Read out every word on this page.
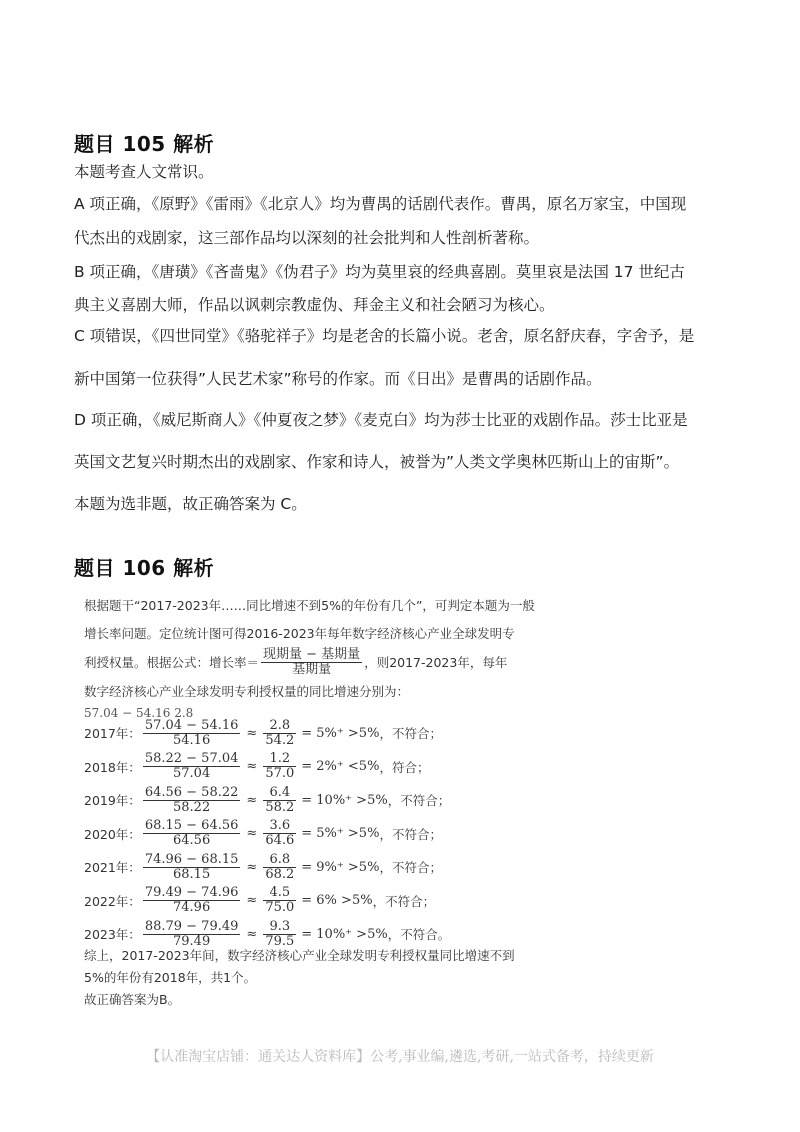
题目 105 解析

本题考查人文常识。

A 项正确，《原野》《雷雨》《北京人》均为曹禺的话剧代表作。曹禺，原名万家宝，中国现

代杰出的戏剧家，这三部作品均以深刻的社会批判和人性剖析著称。

B 项正确，《唐璜》《吝啬鬼》《伪君子》均为莫里哀的经典喜剧。莫里哀是法国 17 世纪古

典主义喜剧大师，作品以讽刺宗教虚伪、拜金主义和社会陋习为核心。

C 项错误，《四世同堂》《骆驼祥子》均是老舍的长篇小说。老舍，原名舒庆春，字舍予，是

新中国第一位获得”人民艺术家”称号的作家。而《日出》是曹禺的话剧作品。

D 项正确，《威尼斯商人》《仲夏夜之梦》《麦克白》均为莎士比亚的戏剧作品。莎士比亚是

英国文艺复兴时期杰出的戏剧家、作家和诗人，被誉为”人类文学奥林匹斯山上的宙斯”。

本题为选非题，故正确答案为 C。

题目 106 解析
根据题干“2017-2023年……同比增速不到5%的年份有几个”，可判定本题为一般
增长率问题。定位统计图可得2016-2023年每年数字经济核心产业全球发明专
利授权量。根据公式：增长率＝ $\frac{\text{现期量 − 基期量}}{\text{基期量}}$ ，则2017-2023年，每年
数字经济核心产业全球发明专利授权量的同比增速分别为：
57.04 − 54.16 2.8
2017年： $\frac{57.04 - 54.16}{54.16} \approx \frac{2.8}{54.2} = 5\%^+ >5\%$ ，不符合；
2018年： $\frac{58.22 - 57.04}{57.04} \approx \frac{1.2}{57.0} = 2\%^+ <5\%$ ，符合；
2019年： $\frac{64.56 - 58.22}{58.22} \approx \frac{6.4}{58.2} = 10\%^+ >5\%$ ，不符合；
2020年： $\frac{68.15 - 64.56}{64.56} \approx \frac{3.6}{64.6} = 5\%^+ >5\%$ ，不符合；
2021年： $\frac{74.96 - 68.15}{68.15} \approx \frac{6.8}{68.2} = 9\%^+ >5\%$ ，不符合；
2022年： $\frac{79.49 - 74.96}{74.96} \approx \frac{4.5}{75.0} = 6\% >5\%$ ，不符合；
2023年： $\frac{88.79 - 79.49}{79.49} \approx \frac{9.3}{79.5} = 10\%^+ >5\%$ ，不符合。
综上，2017-2023年间，数字经济核心产业全球发明专利授权量同比增速不到
5%的年份有2018年，共1个。
故正确答案为B。
【认准淘宝店铺：通关达人资料库】公考,事业编,遴选,考研,一站式备考，持续更新
